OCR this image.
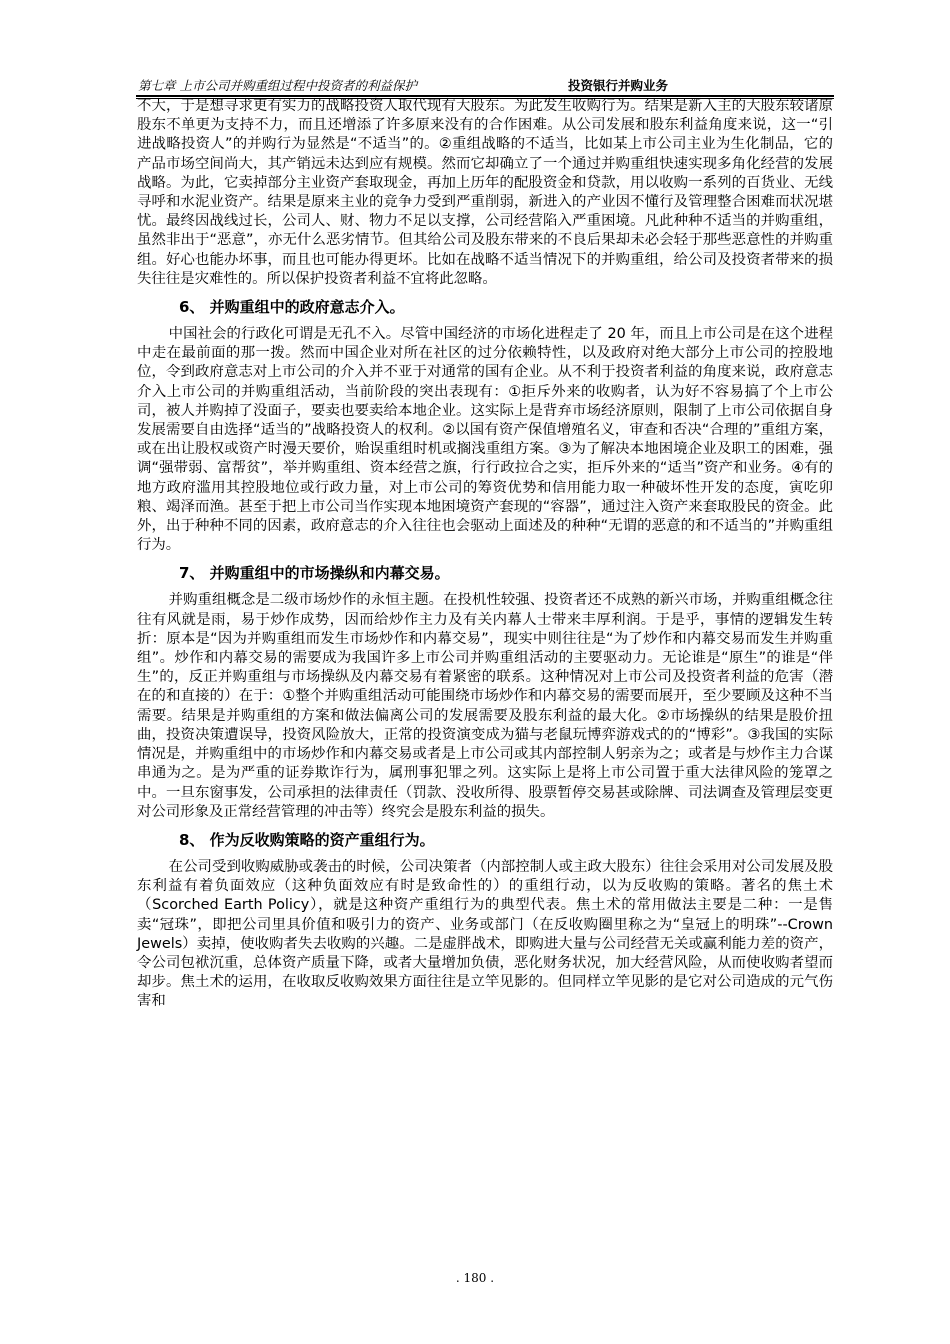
第七章 上市公司并购重组过程中投资者的利益保护	投资银行并购业务

不大，于是想寻求更有实力的战略投资人取代现有大股东。为此发生收购行为。结果是新入主的大股东较诸原股东不单更为支持不力，而且还增添了许多原来没有的合作困难。从公司发展和股东利益角度来说，这一“引进战略投资人”的并购行为显然是“不适当”的。②重组战略的不适当，比如某上市公司主业为生化制品，它的产品市场空间尚大，其产销远未达到应有规模。然而它却确立了一个通过并购重组快速实现多角化经营的发展战略。为此，它卖掉部分主业资产套取现金，再加上历年的配股资金和贷款，用以收购一系列的百货业、无线寻呼和水泥业资产。结果是原来主业的竞争力受到严重削弱，新进入的产业因不懂行及管理整合困难而状况堪忧。最终因战线过长，公司人、财、物力不足以支撑，公司经营陷入严重困境。凡此种种不适当的并购重组，虽然非出于“恶意”，亦无什么恶劣情节。但其给公司及股东带来的不良后果却未必会轻于那些恶意性的并购重组。好心也能办坏事，而且也可能办得更坏。比如在战略不适当情况下的并购重组，给公司及投资者带来的损失往往是灾难性的。所以保护投资者利益不宜将此忽略。

6、 并购重组中的政府意志介入。

中国社会的行政化可谓是无孔不入。尽管中国经济的市场化进程走了 20 年，而且上市公司是在这个进程中走在最前面的那一拨。然而中国企业对所在社区的过分依赖特性，以及政府对绝大部分上市公司的控股地位，令到政府意志对上市公司的介入并不亚于对通常的国有企业。从不利于投资者利益的角度来说，政府意志介入上市公司的并购重组活动，当前阶段的突出表现有：①拒斥外来的收购者，认为好不容易搞了个上市公司，被人并购掉了没面子，要卖也要卖给本地企业。这实际上是背弃市场经济原则，限制了上市公司依据自身发展需要自由选择“适当的”战略投资人的权利。②以国有资产保值增殖名义，审查和否决“合理的”重组方案，或在出让股权或资产时漫天要价，贻误重组时机或搁浅重组方案。③为了解决本地困境企业及职工的困难，强调“强带弱、富帮贫”，举并购重组、资本经营之旗，行行政拉合之实，拒斥外来的“适当”资产和业务。④有的地方政府滥用其控股地位或行政力量，对上市公司的筹资优势和信用能力取一种破坏性开发的态度，寅吃卯粮、竭泽而渔。甚至于把上市公司当作实现本地困境资产套现的“容器”，通过注入资产来套取股民的资金。此外，出于种种不同的因素，政府意志的介入往往也会驱动上面述及的种种“无谓的恶意的和不适当的”并购重组行为。

7、 并购重组中的市场操纵和内幕交易。

并购重组概念是二级市场炒作的永恒主题。在投机性较强、投资者还不成熟的新兴市场，并购重组概念往往有风就是雨，易于炒作成势，因而给炒作主力及有关内幕人士带来丰厚利润。于是乎，事情的逻辑发生转折：原本是“因为并购重组而发生市场炒作和内幕交易”，现实中则往往是“为了炒作和内幕交易而发生并购重组”。炒作和内幕交易的需要成为我国许多上市公司并购重组活动的主要驱动力。无论谁是“原生”的谁是“伴生”的，反正并购重组与市场操纵及内幕交易有着紧密的联系。这种情况对上市公司及投资者利益的危害（潜在的和直接的）在于：①整个并购重组活动可能围绕市场炒作和内幕交易的需要而展开，至少要顾及这种不当需要。结果是并购重组的方案和做法偏离公司的发展需要及股东利益的最大化。②市场操纵的结果是股价扭曲，投资决策遭误导，投资风险放大，正常的投资演变成为猫与老鼠玩博弈游戏式的的“博彩”。③我国的实际情况是，并购重组中的市场炒作和内幕交易或者是上市公司或其内部控制人躬亲为之；或者是与炒作主力合谋串通为之。是为严重的证券欺诈行为，属刑事犯罪之列。这实际上是将上市公司置于重大法律风险的笼罩之中。一旦东窗事发，公司承担的法律责任（罚款、没收所得、股票暂停交易甚或除牌、司法调查及管理层变更对公司形象及正常经营管理的冲击等）终究会是股东利益的损失。

8、 作为反收购策略的资产重组行为。

在公司受到收购威胁或袭击的时候，公司决策者（内部控制人或主政大股东）往往会采用对公司发展及股东利益有着负面效应（这种负面效应有时是致命性的）的重组行动，以为反收购的策略。著名的焦土术（Scorched Earth Policy），就是这种资产重组行为的典型代表。焦土术的常用做法主要是二种：一是售卖“冠珠”，即把公司里具价值和吸引力的资产、业务或部门（在反收购圈里称之为“皇冠上的明珠”--Crown Jewels）卖掉，使收购者失去收购的兴趣。二是虚胖战术，即购进大量与公司经营无关或赢利能力差的资产，令公司包袱沉重，总体资产质量下降，或者大量增加负债，恶化财务状况，加大经营风险，从而使收购者望而却步。焦土术的运用，在收取反收购效果方面往往是立竿见影的。但同样立竿见影的是它对公司造成的元气伤害和

. 180 .
